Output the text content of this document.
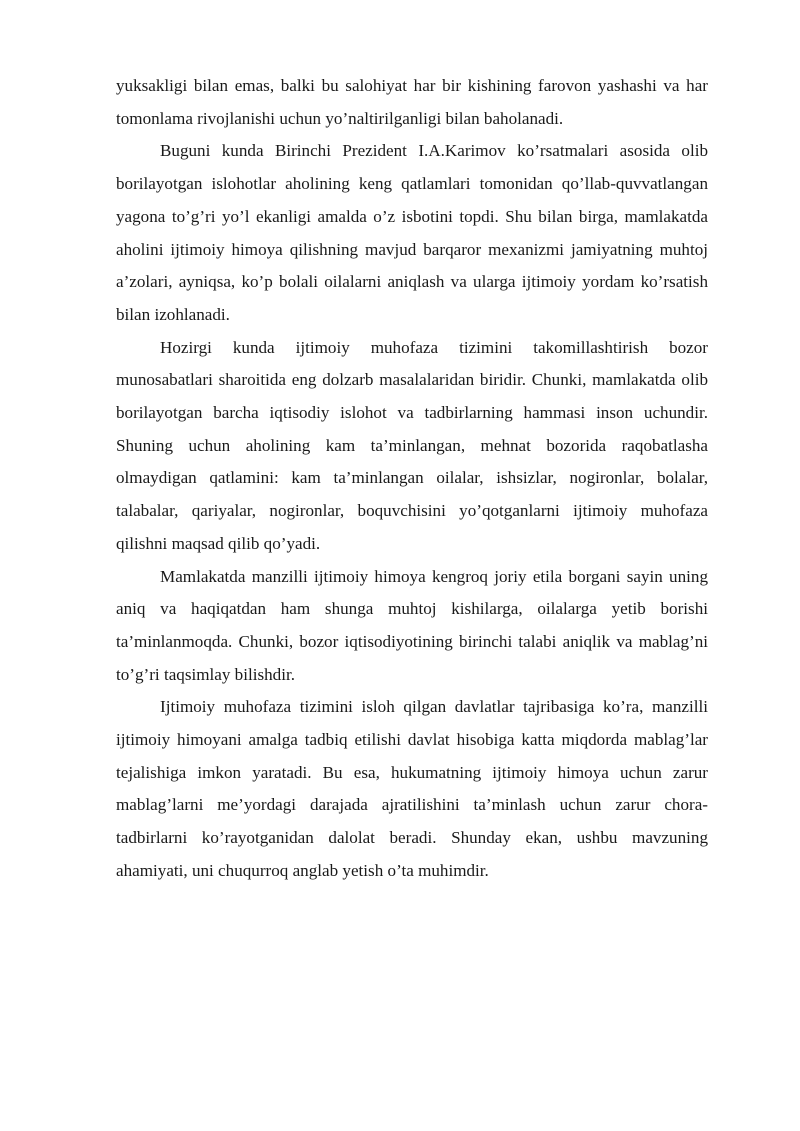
yuksakligi bilan emas, balki bu salohiyat har bir kishining farovon yashashi va har tomonlama rivojlanishi uchun yo’naltirilganligi bilan baholanadi.

Buguni kunda Birinchi Prezident I.A.Karimov ko’rsatmalari asosida olib borilayotgan islohotlar aholining keng qatlamlari tomonidan qo’llab-quvvatlangan yagona to’g’ri yo’l ekanligi amalda o’z isbotini topdi. Shu bilan birga, mamlakatda aholini ijtimoiy himoya qilishning mavjud barqaror mexanizmi jamiyatning muhtoj a’zolari, ayniqsa, ko’p bolali oilalarni aniqlash va ularga ijtimoiy yordam ko’rsatish bilan izohlanadi.

Hozirgi kunda ijtimoiy muhofaza tizimini takomillashtirish bozor munosabatlari sharoitida eng dolzarb masalalaridan biridir. Chunki, mamlakatda olib borilayotgan barcha iqtisodiy islohot va tadbirlarning hammasi inson uchundir. Shuning uchun aholining kam ta’minlangan, mehnat bozorida raqobatlasha olmaydigan qatlamini: kam ta’minlangan oilalar, ishsizlar, nogironlar, bolalar, talabalar, qariyalar, nogironlar, boquvchisini yo’qotganlarni ijtimoiy muhofaza qilishni maqsad qilib qo’yadi.

Mamlakatda manzilli ijtimoiy himoya kengroq joriy etila borgani sayin uning aniq va haqiqatdan ham shunga muhtoj kishilarga, oilalarga yetib borishi ta’minlanmoqda. Chunki, bozor iqtisodiyotining birinchi talabi aniqlik va mablag’ni to’g’ri taqsimlay bilishdir.

Ijtimoiy muhofaza tizimini isloh qilgan davlatlar tajribasiga ko’ra, manzilli ijtimoiy himoyani amalga tadbiq etilishi davlat hisobiga katta miqdorda mablag’lar tejalishiga imkon yaratadi. Bu esa, hukumatning ijtimoiy himoya uchun zarur mablag’larni me’yordagi darajada ajratilishini ta’minlash uchun zarur chora-tadbirlarni ko’rayotganidan dalolat beradi. Shunday ekan, ushbu mavzuning ahamiyati, uni chuqurroq anglab yetish o’ta muhimdir.
